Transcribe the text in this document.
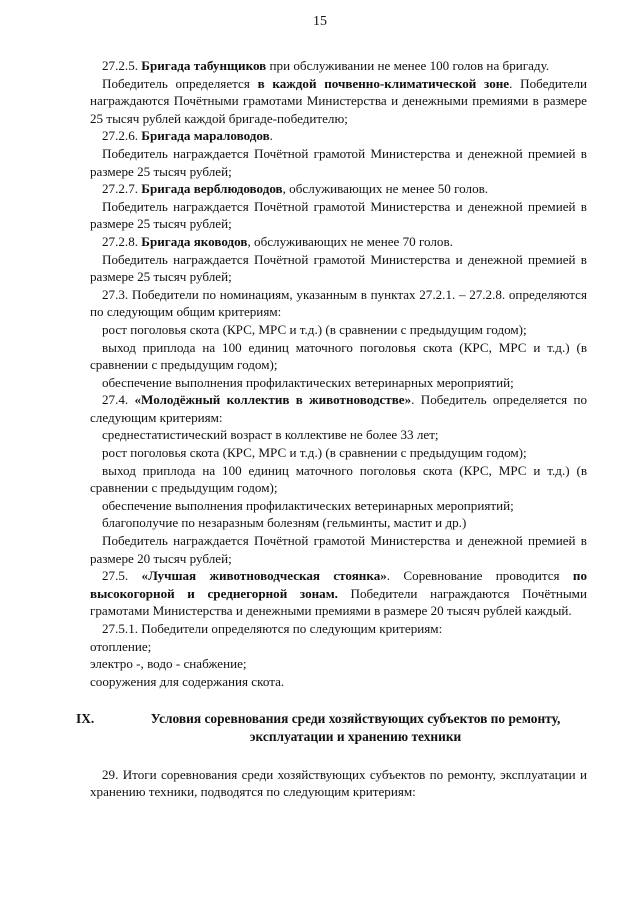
15

27.2.5. Бригада табунщиков при обслуживании не менее 100 голов на бригаду.

Победитель определяется в каждой почвенно-климатической зоне. Победители награждаются Почётными грамотами Министерства и денежными премиями в размере 25 тысяч рублей каждой бригаде-победителю;

27.2.6. Бригада мараловодов.

Победитель награждается Почётной грамотой Министерства и денежной премией в размере 25 тысяч рублей;

27.2.7. Бригада верблюдоводов, обслуживающих не менее 50 голов.

Победитель награждается Почётной грамотой Министерства и денежной премией в размере 25 тысяч рублей;

27.2.8. Бригада яководов, обслуживающих не менее 70 голов.

Победитель награждается Почётной грамотой Министерства и денежной премией в размере 25 тысяч рублей;

27.3. Победители по номинациям, указанным в пунктах 27.2.1. – 27.2.8. определяются по следующим общим критериям:

рост поголовья скота (КРС, МРС и т.д.) (в сравнении с предыдущим годом);

выход приплода на 100 единиц маточного поголовья скота (КРС, МРС и т.д.) (в сравнении с предыдущим годом);

обеспечение выполнения профилактических ветеринарных мероприятий;

27.4. «Молодёжный коллектив в животноводстве». Победитель определяется по следующим критериям:

среднестатистический возраст в коллективе не более 33 лет;

рост поголовья скота (КРС, МРС и т.д.) (в сравнении с предыдущим годом);

выход приплода на 100 единиц маточного поголовья скота (КРС, МРС и т.д.) (в сравнении с предыдущим годом);

обеспечение выполнения профилактических ветеринарных мероприятий;

благополучие по незаразным болезням (гельминты, мастит и др.)

Победитель награждается Почётной грамотой Министерства и денежной премией в размере 20 тысяч рублей;

27.5. «Лучшая животноводческая стоянка». Соревнование проводится по высокогорной и среднегорной зонам. Победители награждаются Почётными грамотами Министерства и денежными премиями в размере 20 тысяч рублей каждый.

27.5.1. Победители определяются по следующим критериям:

отопление;

электро -, водо - снабжение;

сооружения для содержания скота.

IX.	Условия соревнования среди хозяйствующих субъектов по ремонту, эксплуатации и хранению техники

29. Итоги соревнования среди хозяйствующих субъектов по ремонту, эксплуатации и хранению техники, подводятся по следующим критериям:
